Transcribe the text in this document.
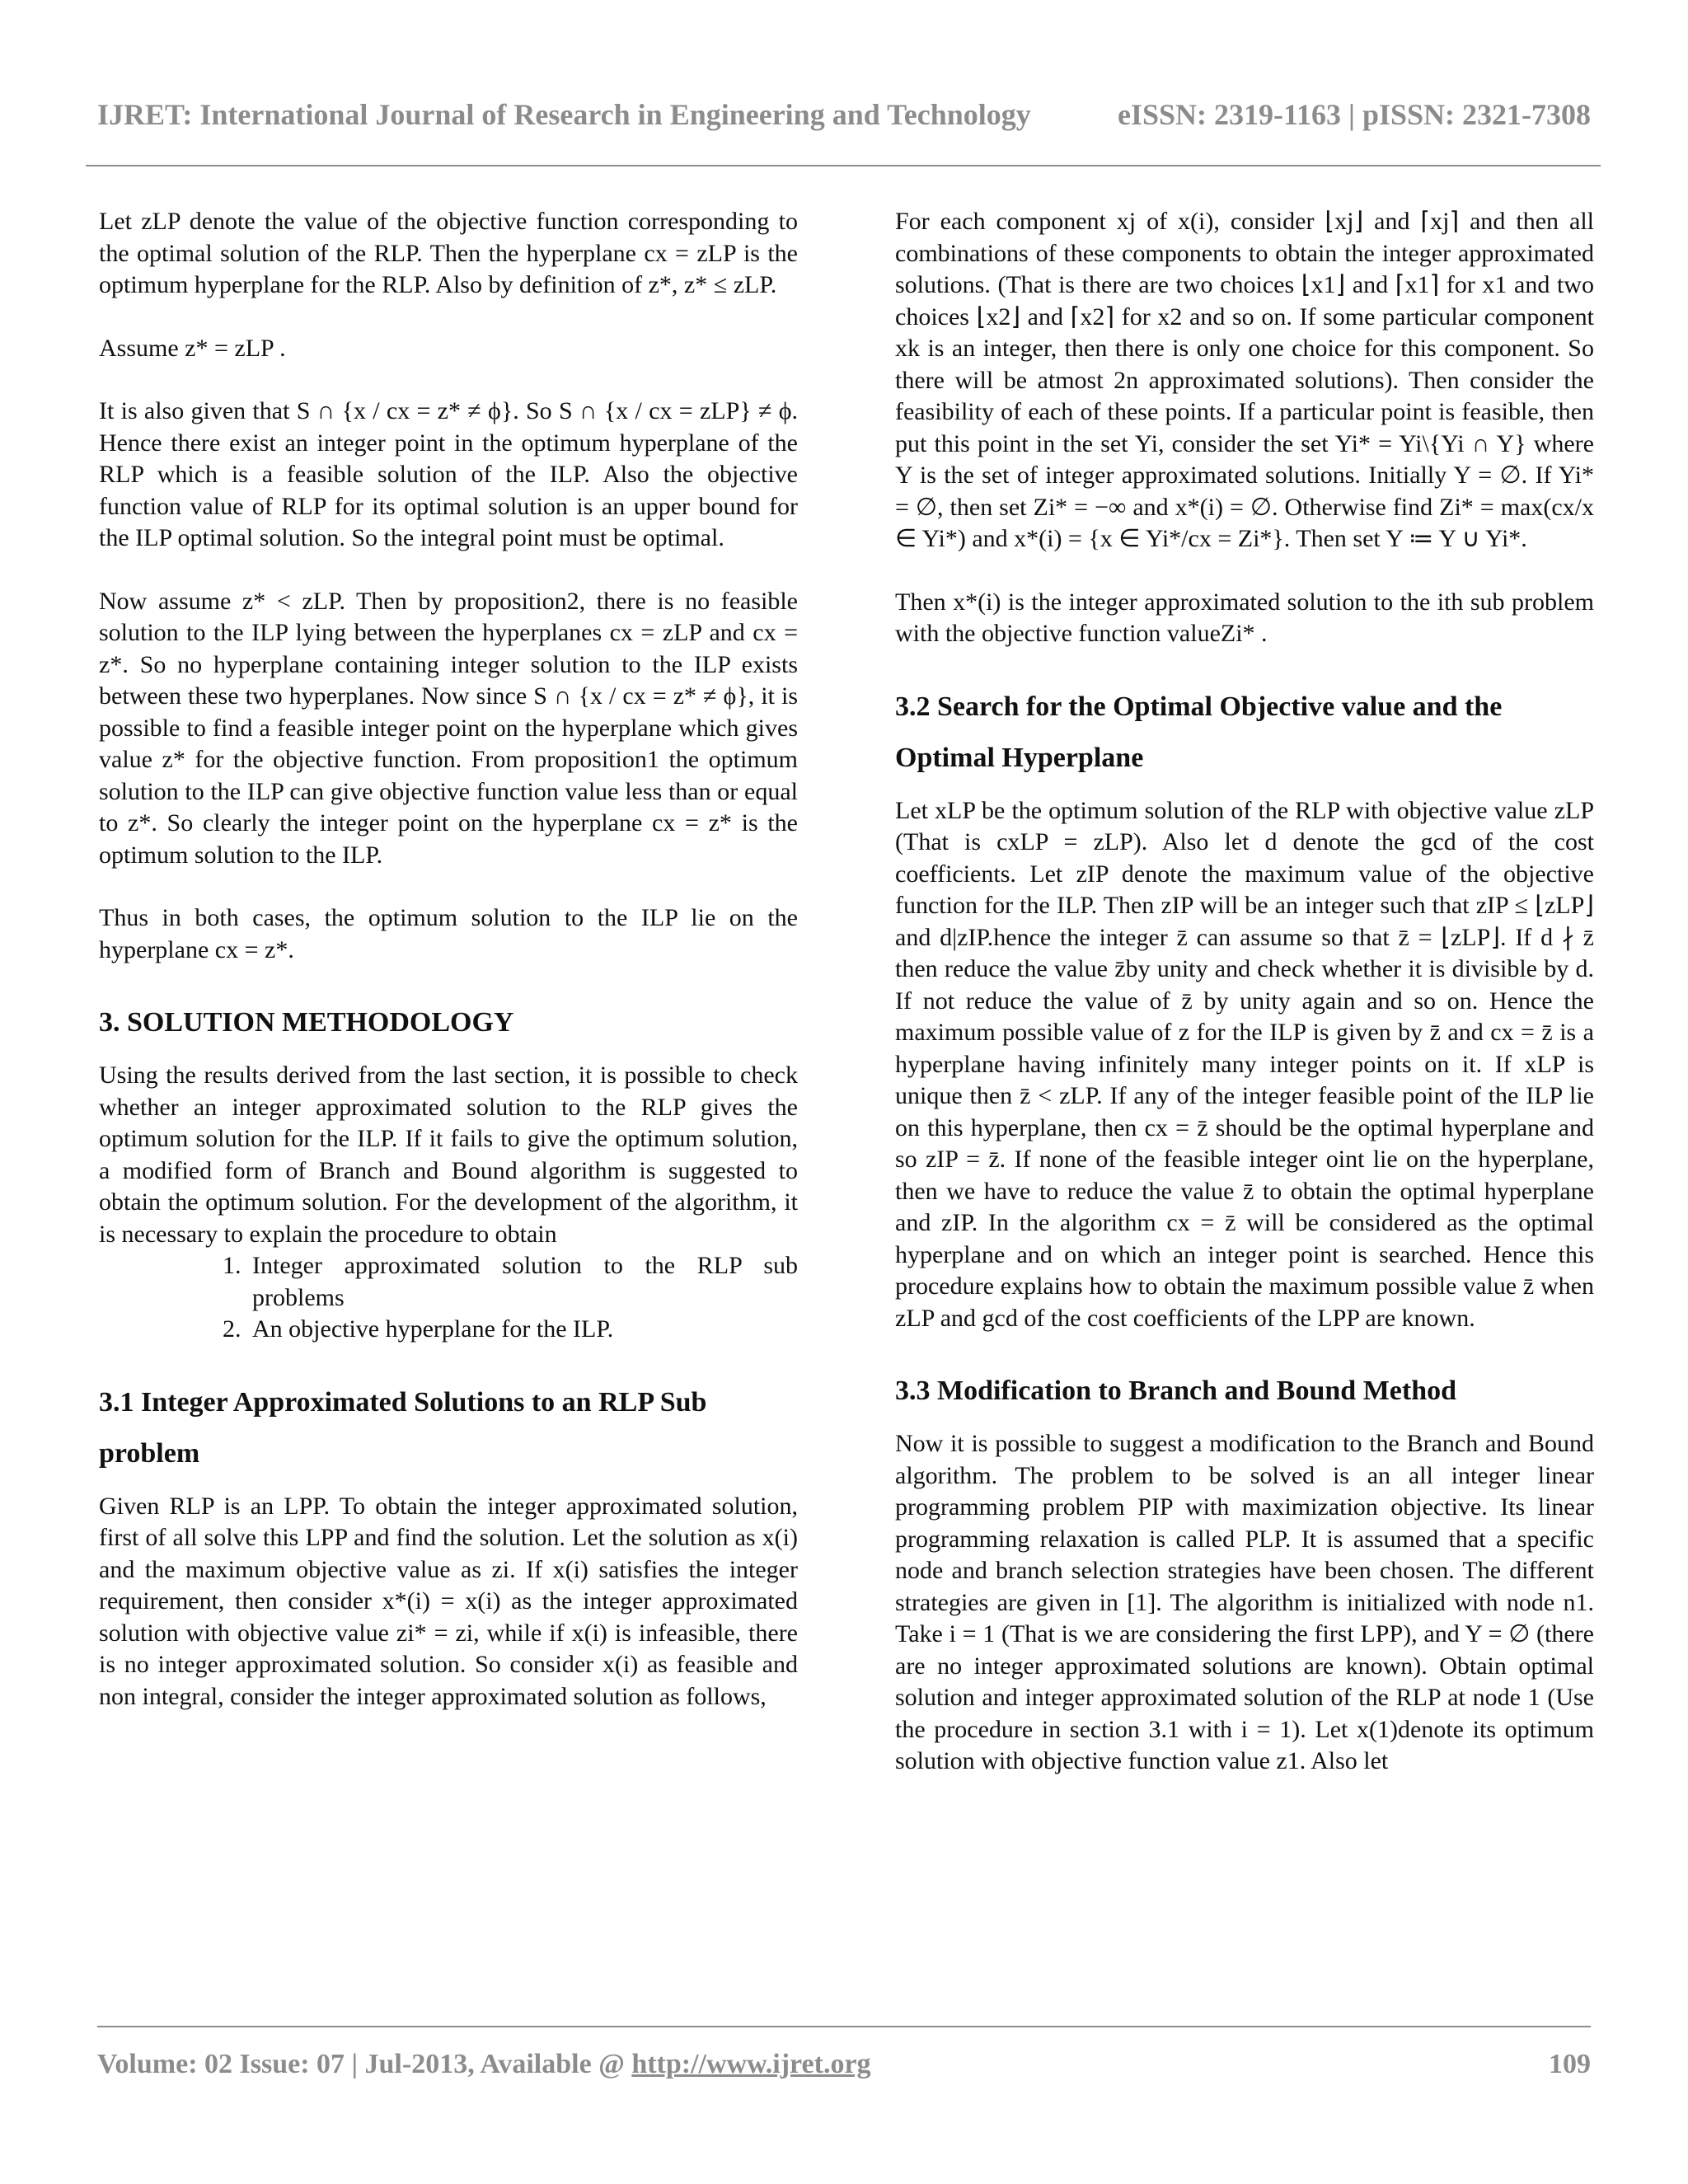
IJRET: International Journal of Research in Engineering and Technology	eISSN: 2319-1163 | pISSN: 2321-7308

Let zLP denote the value of the objective function corresponding to the optimal solution of the RLP. Then the hyperplane cx = zLP is the optimum hyperplane for the RLP. Also by definition of z*, z* ≤ zLP.

Assume z* = zLP .

It is also given that S ∩ {x / cx = z* ≠ ϕ}. So S ∩ {x / cx = zLP} ≠ ϕ. Hence there exist an integer point in the optimum hyperplane of the RLP which is a feasible solution of the ILP. Also the objective function value of RLP for its optimal solution is an upper bound for the ILP optimal solution. So the integral point must be optimal.

Now assume z* < zLP. Then by proposition2, there is no feasible solution to the ILP lying between the hyperplanes cx = zLP and cx = z*. So no hyperplane containing integer solution to the ILP exists between these two hyperplanes. Now since S ∩ {x / cx = z* ≠ ϕ}, it is possible to find a feasible integer point on the hyperplane which gives value z* for the objective function. From proposition1 the optimum solution to the ILP can give objective function value less than or equal to z*. So clearly the integer point on the hyperplane cx = z* is the optimum solution to the ILP.

Thus in both cases, the optimum solution to the ILP lie on the hyperplane cx = z*.

3. SOLUTION METHODOLOGY

Using the results derived from the last section, it is possible to check whether an integer approximated solution to the RLP gives the optimum solution for the ILP. If it fails to give the optimum solution, a modified form of Branch and Bound algorithm is suggested to obtain the optimum solution. For the development of the algorithm, it is necessary to explain the procedure to obtain

1. Integer approximated solution to the RLP sub problems
2. An objective hyperplane for the ILP.
3.1 Integer Approximated Solutions to an RLP Sub problem

Given RLP is an LPP. To obtain the integer approximated solution, first of all solve this LPP and find the solution. Let the solution as x(i) and the maximum objective value as zi. If x(i) satisfies the integer requirement, then consider x*(i) = x(i) as the integer approximated solution with objective value zi* = zi, while if x(i) is infeasible, there is no integer approximated solution. So consider x(i) as feasible and non integral, consider the integer approximated solution as follows,

For each component xj of x(i), consider ⌊xj⌋ and ⌈xj⌉ and then all combinations of these components to obtain the integer approximated solutions. (That is there are two choices ⌊x1⌋ and ⌈x1⌉ for x1 and two choices ⌊x2⌋ and ⌈x2⌉ for x2 and so on. If some particular component xk is an integer, then there is only one choice for this component. So there will be atmost 2n approximated solutions). Then consider the feasibility of each of these points. If a particular point is feasible, then put this point in the set Yi, consider the set Yi* = Yi\{Yi ∩ Y} where Y is the set of integer approximated solutions. Initially Y = ∅. If Yi* = ∅, then set Zi* = −∞ and x*(i) = ∅. Otherwise find Zi* = max(cx/x ∈ Yi*) and x*(i) = {x ∈ Yi*/cx = Zi*}. Then set Y ≔ Y ∪ Yi*.

Then x*(i) is the integer approximated solution to the ith sub problem with the objective function valueZi* .

3.2 Search for the Optimal Objective value and the Optimal Hyperplane

Let xLP be the optimum solution of the RLP with objective value zLP (That is cxLP = zLP). Also let d denote the gcd of the cost coefficients. Let zIP denote the maximum value of the objective function for the ILP. Then zIP will be an integer such that zIP ≤ ⌊zLP⌋ and d|zIP.hence the integer z̄ can assume so that z̄ = ⌊zLP⌋. If d ∤ z̄ then reduce the value z̄by unity and check whether it is divisible by d. If not reduce the value of z̄ by unity again and so on. Hence the maximum possible value of z for the ILP is given by z̄ and cx = z̄ is a hyperplane having infinitely many integer points on it. If xLP is unique then z̄ < zLP. If any of the integer feasible point of the ILP lie on this hyperplane, then cx = z̄ should be the optimal hyperplane and so zIP = z̄. If none of the feasible integer oint lie on the hyperplane, then we have to reduce the value z̄ to obtain the optimal hyperplane and zIP. In the algorithm cx = z̄ will be considered as the optimal hyperplane and on which an integer point is searched. Hence this procedure explains how to obtain the maximum possible value z̄ when zLP and gcd of the cost coefficients of the LPP are known.

3.3 Modification to Branch and Bound Method

Now it is possible to suggest a modification to the Branch and Bound algorithm. The problem to be solved is an all integer linear programming problem PIP with maximization objective. Its linear programming relaxation is called PLP. It is assumed that a specific node and branch selection strategies have been chosen. The different strategies are given in [1]. The algorithm is initialized with node n1. Take i = 1 (That is we are considering the first LPP), and Y = ∅ (there are no integer approximated solutions are known). Obtain optimal solution and integer approximated solution of the RLP at node 1 (Use the procedure in section 3.1 with i = 1). Let x(1)denote its optimum solution with objective function value z1. Also let

Volume: 02 Issue: 07 | Jul-2013, Available @ http://www.ijret.org	109
